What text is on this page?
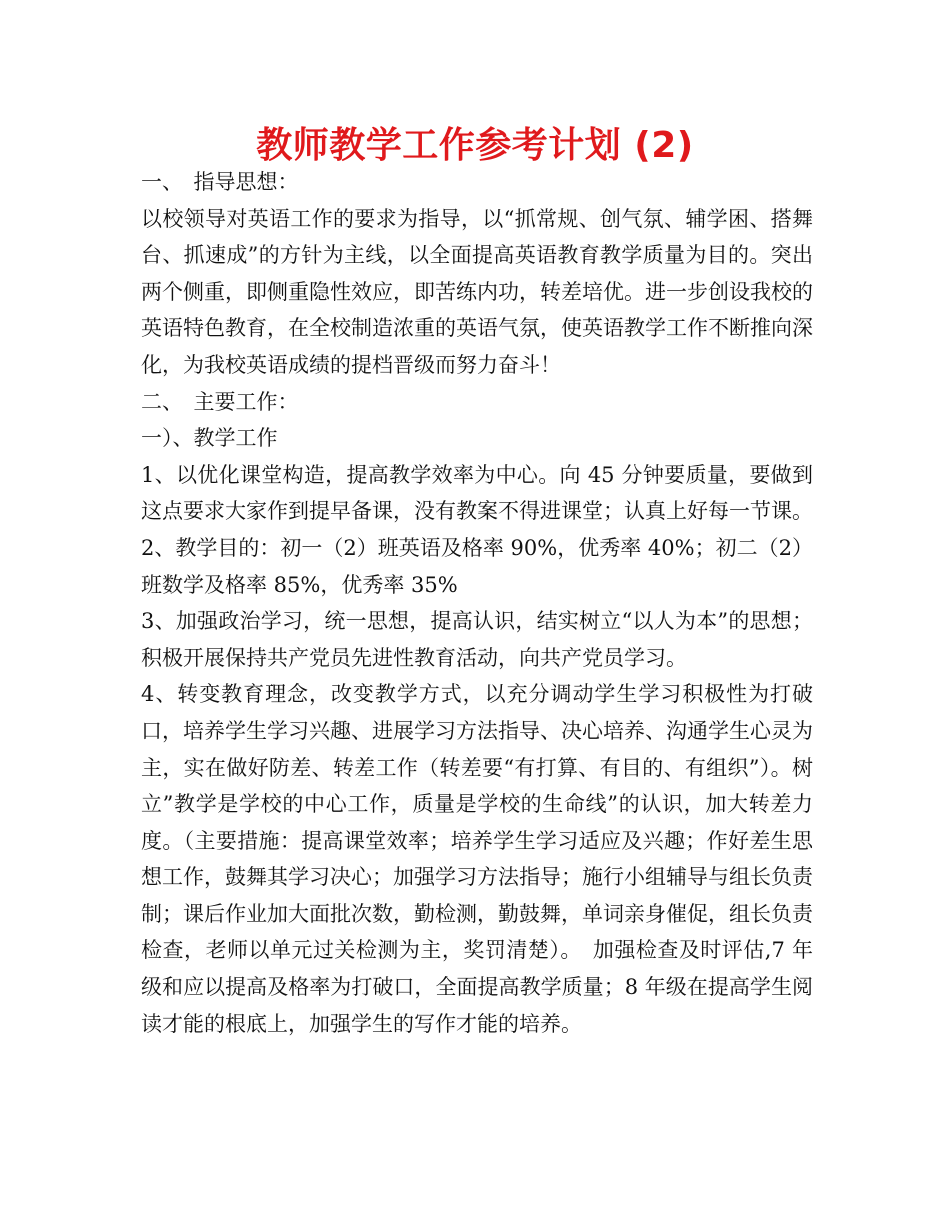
教师教学工作参考计划 (2)

一、　指导思想：

以校领导对英语工作的要求为指导，以“抓常规、创气氛、辅学困、搭舞台、抓速成”的方针为主线，以全面提高英语教育教学质量为目的。突出两个侧重，即侧重隐性效应，即苦练内功，转差培优。进一步创设我校的英语特色教育，在全校制造浓重的英语气氛，使英语教学工作不断推向深化，为我校英语成绩的提档晋级而努力奋斗！

二、　主要工作：

一）、教学工作

1、以优化课堂构造，提高教学效率为中心。向 45 分钟要质量，要做到这点要求大家作到提早备课，没有教案不得进课堂；认真上好每一节课。

2、教学目的：初一（2）班英语及格率 90%，优秀率 40%；初二（2）班数学及格率 85%，优秀率 35%

3、加强政治学习，统一思想，提高认识，结实树立“以人为本”的思想；积极开展保持共产党员先进性教育活动，向共产党员学习。

4、转变教育理念，改变教学方式，以充分调动学生学习积极性为打破口，培养学生学习兴趣、进展学习方法指导、决心培养、沟通学生心灵为主，实在做好防差、转差工作（转差要“有打算、有目的、有组织”）。树立”教学是学校的中心工作，质量是学校的生命线”的认识，加大转差力度。（主要措施：提高课堂效率；培养学生学习适应及兴趣；作好差生思想工作，鼓舞其学习决心；加强学习方法指导；施行小组辅导与组长负责制；课后作业加大面批次数，勤检测，勤鼓舞，单词亲身催促，组长负责检查，老师以单元过关检测为主，奖罚清楚）。　加强检查及时评估,7 年级和应以提高及格率为打破口，全面提高教学质量；8 年级在提高学生阅读才能的根底上，加强学生的写作才能的培养。
